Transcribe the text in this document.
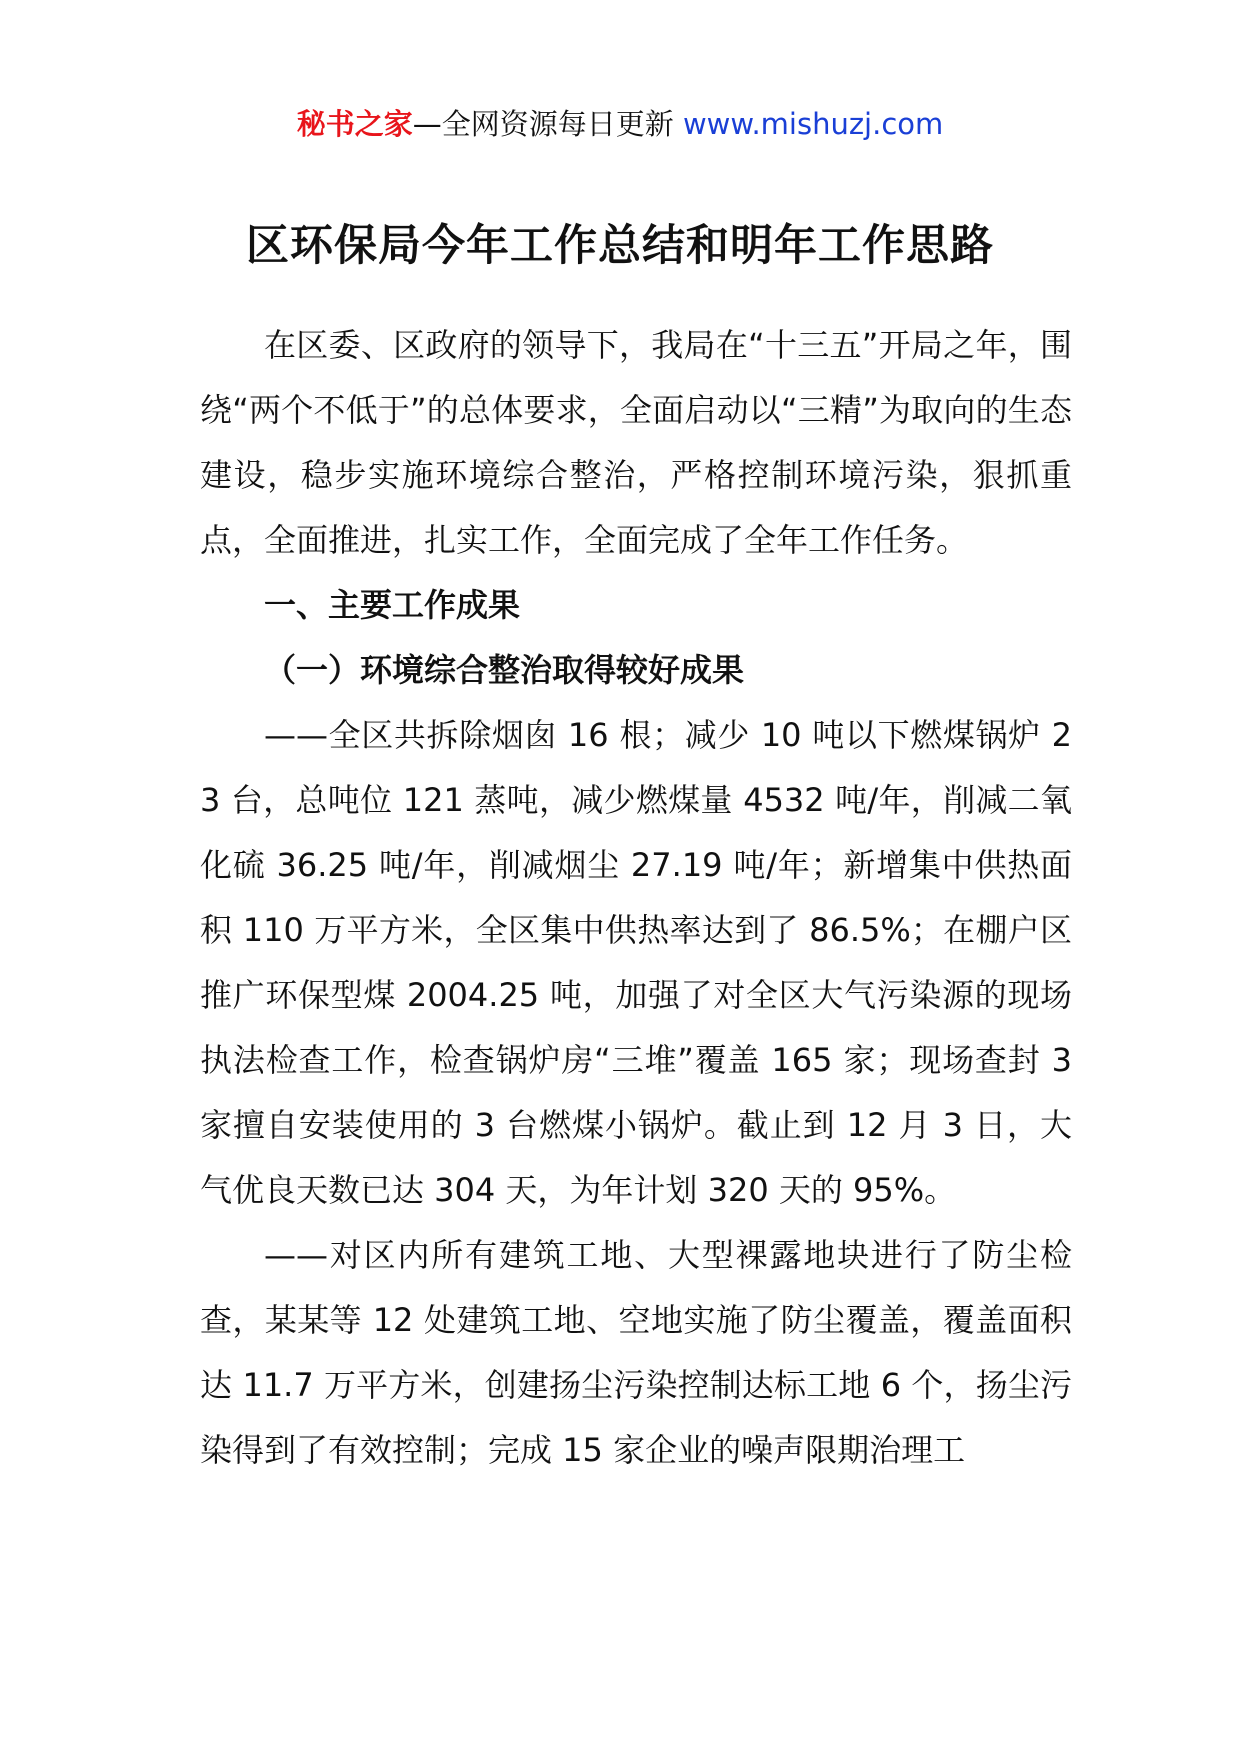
秘书之家—全网资源每日更新 www.mishuzj.com
区环保局今年工作总结和明年工作思路

在区委、区政府的领导下，我局在“十三五”开局之年，围绕“两个不低于”的总体要求，全面启动以“三精”为取向的生态建设，稳步实施环境综合整治，严格控制环境污染，狠抓重点，全面推进，扎实工作，全面完成了全年工作任务。

一、主要工作成果

（一）环境综合整治取得较好成果

——全区共拆除烟囱 16 根；减少 10 吨以下燃煤锅炉 23 台，总吨位 121 蒸吨，减少燃煤量 4532 吨/年，削减二氧化硫 36.25 吨/年，削减烟尘 27.19 吨/年；新增集中供热面积 110 万平方米，全区集中供热率达到了 86.5%；在棚户区推广环保型煤 2004.25 吨，加强了对全区大气污染源的现场执法检查工作，检查锅炉房“三堆”覆盖 165 家；现场查封 3 家擅自安装使用的 3 台燃煤小锅炉。截止到 12 月 3 日，大气优良天数已达 304 天，为年计划 320 天的 95%。

——对区内所有建筑工地、大型裸露地块进行了防尘检查，某某等 12 处建筑工地、空地实施了防尘覆盖，覆盖面积达 11.7 万平方米，创建扬尘污染控制达标工地 6 个，扬尘污染得到了有效控制；完成 15 家企业的噪声限期治理工
